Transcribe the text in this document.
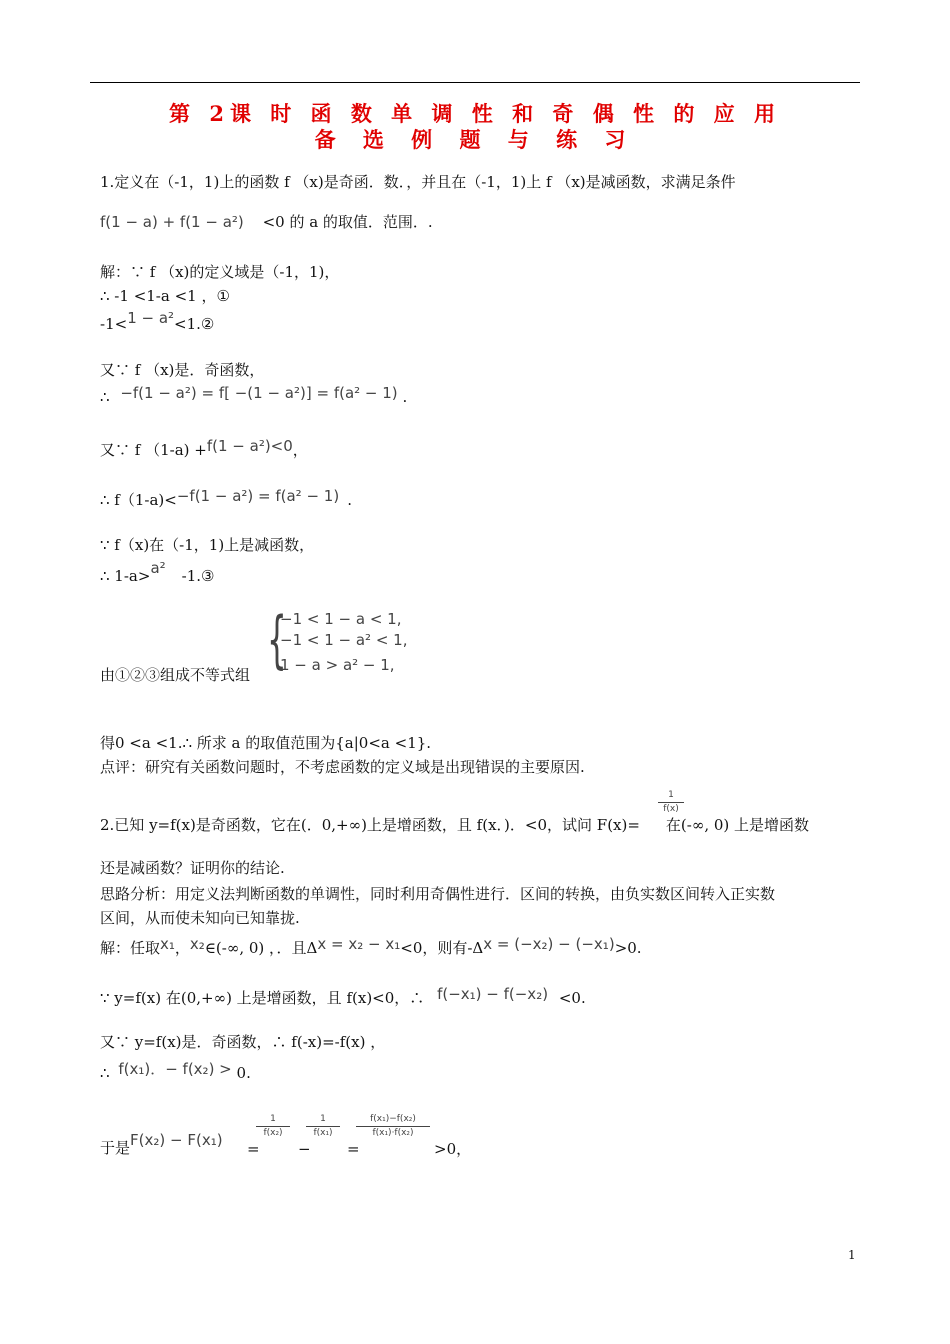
第 2课 时 函 数 单 调 性 和 奇 偶 性 的 应 用
备 选 例 题 与 练 习
1.定义在（-1，1)上的函数 f （x)是奇函．数．，并且在（-1，1)上 f （x)是减函数，求满足条件
f(1 − a) + f(1 − a²) <0 的 a 的取值．范围．.
解：∵ f （x)的定义域是（-1，1)，
∴ -1 <1-a <1 ，①
-1<1 − a²<1.②
又∵ f （x)是．奇函数，
∴ −f(1 − a²) = f[ −(1 − a²)] = f(a² − 1) .
又∵ f （1-a) +f(1 − a²)<0，
∴ f（1-a)<−f(1 − a²) = f(a² − 1) .
∵ f（x)在（-1，1)上是减函数，
∴ 1-a>a² -1.③
{
−1 < 1 − a < 1,
−1 < 1 − a² < 1,
1 − a > a² − 1,
由①②③组成不等式组
得0 <a <1.∴ 所求 a 的取值范围为{a|0<a <1}.
点评：研究有关函数问题时，不考虑函数的定义域是出现错误的主要原因.
2.已知 y=f(x)是奇函数，它在(．0,+∞)上是增函数，且 f(x．)．<0，试问 F(x)= 在(-∞, 0) 上是增函数
1
f(x)
还是减函数？证明你的结论.
思路分析：用定义法判断函数的单调性，同时利用奇偶性进行．区间的转换，由负实数区间转入正实数
区间，从而使未知向已知靠拢.
解：任取x₁，x₂∈(-∞, 0) ，．且Δx = x₂ − x₁<0，则有-Δx = (−x₂) − (−x₁)>0.
∵ y=f(x) 在(0,+∞) 上是增函数，且 f(x)<0，∴ f(−x₁) − f(−x₂) <0.
又∵ y=f(x)是．奇函数，∴ f(-x)=-f(x) ，
∴ f(x₁)．− f(x₂) > 0.
于是F(x₂) − F(x₁) =
1
f(x₂)
−
1
f(x₁)
=
f(x₁)−f(x₂)
f(x₁)·f(x₂)
>0，
1
